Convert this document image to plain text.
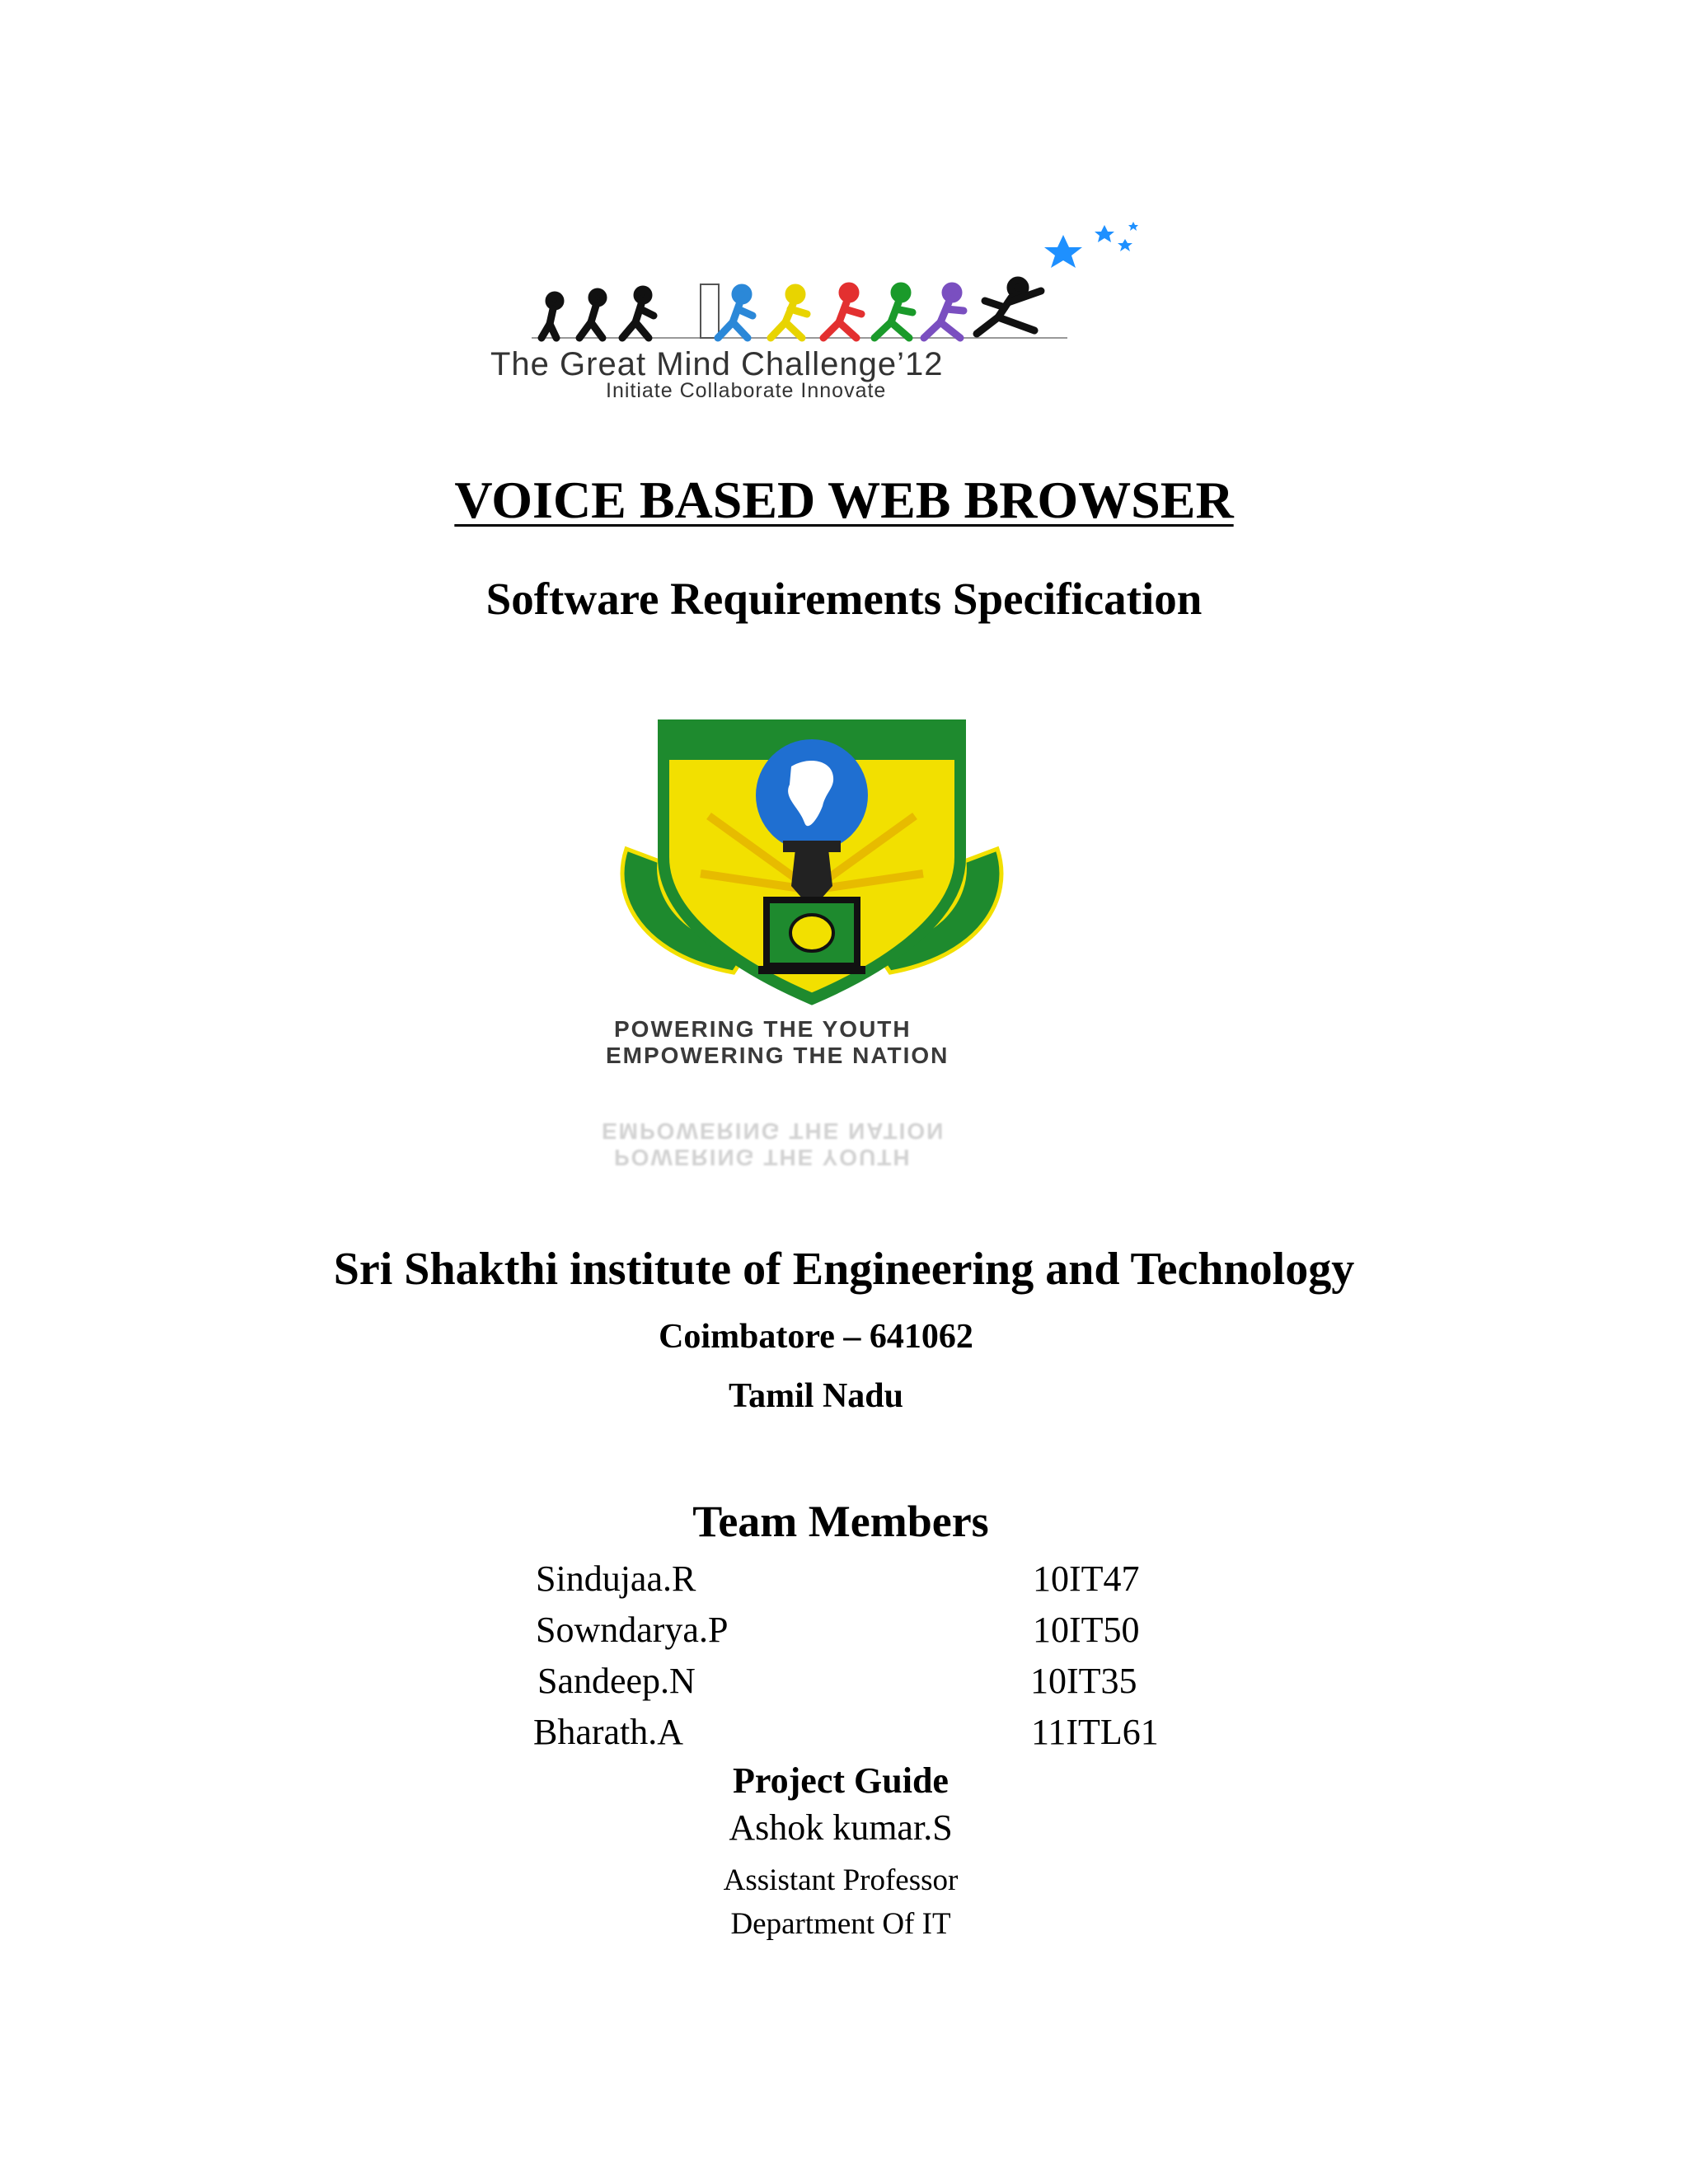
The Great Mind Challenge’12
Initiate Collaborate Innovate
VOICE BASED WEB BROWSER
Software Requirements Specification
POWERING THE YOUTH
EMPOWERING THE NATION
POWERING THE YOUTH
EMPOWERING THE NATION
Sri Shakthi institute of Engineering and Technology
Coimbatore – 641062
Tamil Nadu
Team Members
Sindujaa.R	10IT47
Sowndarya.P	10IT50
Sandeep.N	10IT35
Bharath.A	11ITL61
Project Guide
Ashok kumar.S
Assistant Professor
Department Of IT
